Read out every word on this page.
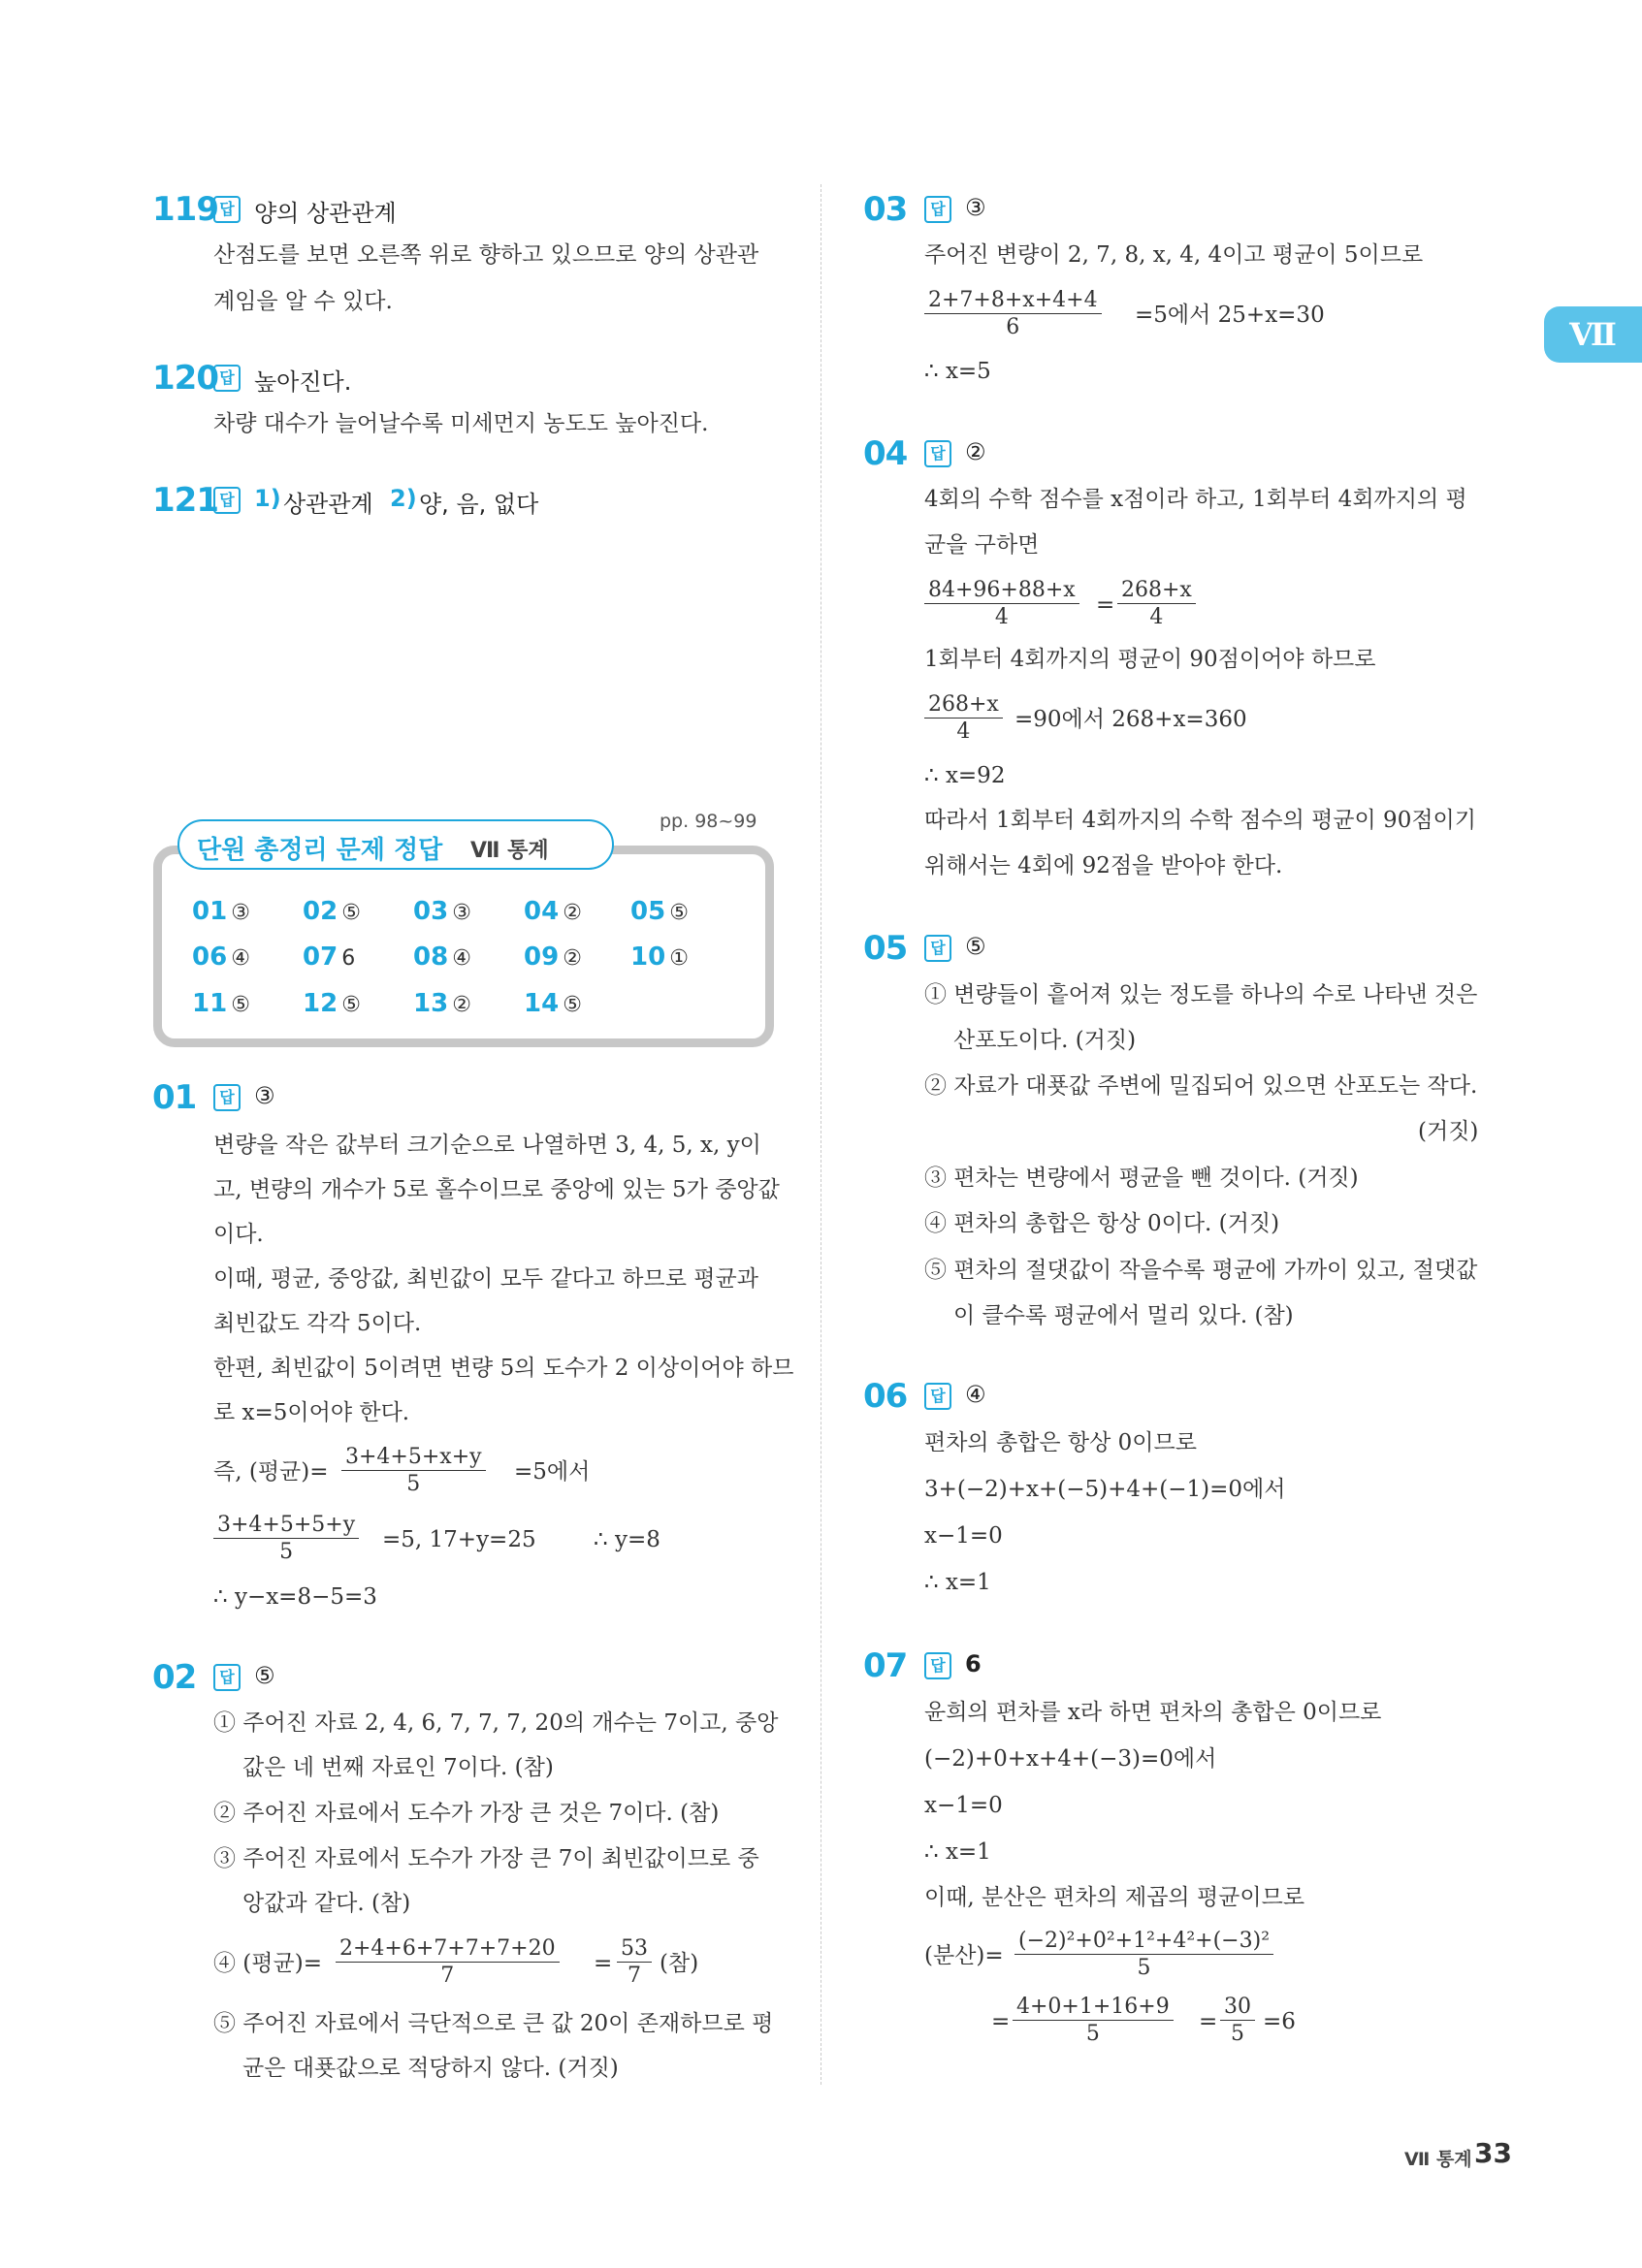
Ⅶ
119 답 양의 상관관계
산점도를 보면 오른쪽 위로 향하고 있으므로 양의 상관관
계임을 알 수 있다.
120 답 높아진다.
차량 대수가 늘어날수록 미세먼지 농도도 높아진다.
121 답 1) 상관관계 2) 양, 음, 없다
pp. 98~99
단원 총정리 문제 정답 Ⅶ 통계
01 ③ 02 ⑤ 03 ③ 04 ② 05 ⑤
06 ④ 07 6 08 ④ 09 ② 10 ①
11 ⑤ 12 ⑤ 13 ② 14 ⑤
01	답 ③
변량을 작은 값부터 크기순으로 나열하면 3, 4, 5, x, y이
고, 변량의 개수가 5로 홀수이므로 중앙에 있는 5가 중앙값
이다.
이때, 평균, 중앙값, 최빈값이 모두 같다고 하므로 평균과
최빈값도 각각 5이다.
한편, 최빈값이 5이려면 변량 5의 도수가 2 이상이어야 하므
로 x=5이어야 한다.
즉, (평균)= $\frac{3+4+5+x+y}{5} =5$에서
$\frac{3+4+5+5+y}{5} =5$, 17+y=25	∴ y=8
∴ y−x=8−5=3
02	답 ⑤
① 주어진 자료 2, 4, 6, 7, 7, 7, 20의 개수는 7이고, 중앙
값은 네 번째 자료인 7이다. (참)
② 주어진 자료에서 도수가 가장 큰 것은 7이다. (참)
③ 주어진 자료에서 도수가 가장 큰 7이 최빈값이므로 중
앙값과 같다. (참)
④ (평균)= $\frac{2+4+6+7+7+7+20}{7} = \frac{53}{7}$ (참)
⑤ 주어진 자료에서 극단적으로 큰 값 20이 존재하므로 평
균은 대푯값으로 적당하지 않다. (거짓)
03	답 ③
주어진 변량이 2, 7, 8, x, 4, 4이고 평균이 5이므로
$\frac{2+7+8+x+4+4}{6} =5$에서 25+x=30
∴ x=5
04	답 ②
4회의 수학 점수를 x점이라 하고, 1회부터 4회까지의 평
균을 구하면
$\frac{84+96+88+x}{4} = \frac{268+x}{4}$
1회부터 4회까지의 평균이 90점이어야 하므로
$\frac{268+x}{4} =90$에서 268+x=360
∴ x=92
따라서 1회부터 4회까지의 수학 점수의 평균이 90점이기
위해서는 4회에 92점을 받아야 한다.
05	답 ⑤
① 변량들이 흩어져 있는 정도를 하나의 수로 나타낸 것은
산포도이다. (거짓)
② 자료가 대푯값 주변에 밀집되어 있으면 산포도는 작다.
(거짓)
③ 편차는 변량에서 평균을 뺀 것이다. (거짓)
④ 편차의 총합은 항상 0이다. (거짓)
⑤ 편차의 절댓값이 작을수록 평균에 가까이 있고, 절댓값
이 클수록 평균에서 멀리 있다. (참)
06	답 ④
편차의 총합은 항상 0이므로
3+(−2)+x+(−5)+4+(−1)=0에서
x−1=0
∴ x=1
07	답 6
윤희의 편차를 x라 하면 편차의 총합은 0이므로
(−2)+0+x+4+(−3)=0에서
x−1=0
∴ x=1
이때, 분산은 편차의 제곱의 평균이므로
(분산)= $\frac{\text{(−2)²+0²+1²+4²+(−3)²}}{5}$
= $\frac{4+0+1+16+9}{5} = \frac{30}{5} =6$
Ⅶ 통계 33
